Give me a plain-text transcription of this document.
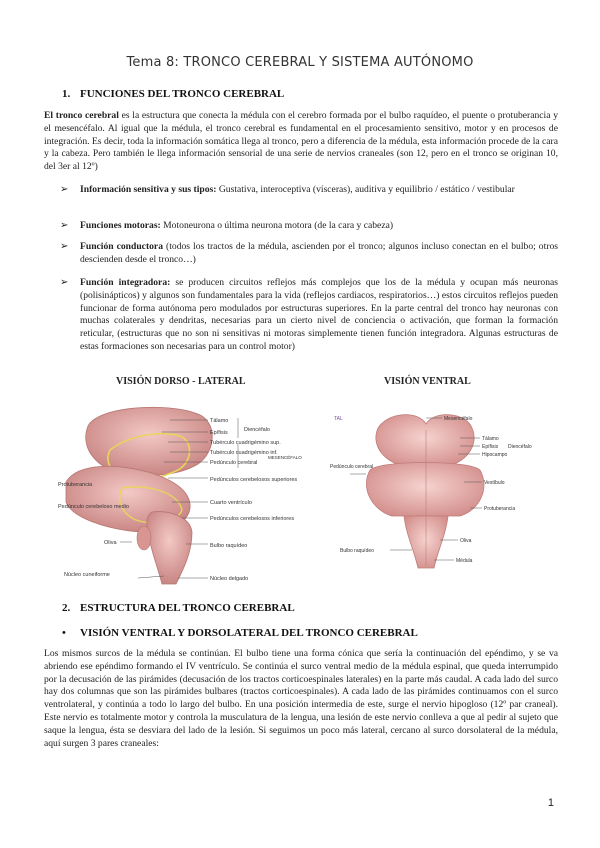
Tema 8: TRONCO CEREBRAL Y SISTEMA AUTÓNOMO
1. FUNCIONES DEL TRONCO CEREBRAL
El tronco cerebral es la estructura que conecta la médula con el cerebro formada por el bulbo raquídeo, el puente o protuberancia y el mesencéfalo. Al igual que la médula, el tronco cerebral es fundamental en el procesamiento sensitivo, motor y en procesos de integración. Es decir, toda la información somática llega al tronco, pero a diferencia de la médula, esta información procede de la cara y la cabeza. Pero también le llega información sensorial de una serie de nervios craneales (son 12, pero en el tronco se originan 10, del 3er al 12º)
➢ Información sensitiva y sus tipos: Gustativa, interoceptiva (vísceras), auditiva y equilibrio / estático / vestibular
➢ Funciones motoras: Motoneurona o última neurona motora (de la cara y cabeza)
➢ Función conductora (todos los tractos de la médula, ascienden por el tronco; algunos incluso conectan en el bulbo; otros descienden desde el tronco…)
➢ Función integradora: se producen circuitos reflejos más complejos que los de la médula y ocupan más neuronas (polisinápticos) y algunos son fundamentales para la vida (reflejos cardiacos, respiratorios…) estos circuitos reflejos pueden funcionar de forma autónoma pero modulados por estructuras superiores. En la parte central del tronco hay neuronas con muchas colaterales y dendritas, necesarias para un cierto nivel de conciencia o activación, que forman la formación reticular, (estructuras que no son ni sensitivas ni motoras simplemente tienen función integradora. Algunas estructuras de estas formaciones son necesarias para un control motor)
VISIÓN DORSO - LATERAL	VISIÓN VENTRAL
Tálamo
Epífisis
Tubérculo cuadrigémino sup.
Tubérculo cuadrigémino inf.
Pedúnculo cerebral
Diencéfalo
MESENCÉFALO
Protuberancia
Pedúnculos cerebelosos superiores
Pedúnculo cerebeloso medio
Cuarto ventrículo
Pedúnculos cerebelosos inferiores
Oliva	Bulbo raquídeo
Núcleo cuneiforme
Núcleo delgado
TAL	Mesencéfalo
Tálamo
Epífisis
Hipocampo
Diencéfalo
Pedúnculo cerebral
Vestíbulo
Protuberancia
Oliva
Bulbo raquídeo
Médula
2. ESTRUCTURA DEL TRONCO CEREBRAL
• VISIÓN VENTRAL Y DORSOLATERAL DEL TRONCO CEREBRAL
Los mismos surcos de la médula se continúan. El bulbo tiene una forma cónica que sería la continuación del epéndimo, y se va abriendo ese epéndimo formando el IV ventrículo. Se continúa el surco ventral medio de la médula espinal, que queda interrumpido por la decusación de las pirámides (decusación de los tractos corticoespinales laterales) en la parte más caudal. A cada lado del surco hay dos columnas que son las pirámides bulbares (tractos corticoespinales). A cada lado de las pirámides continuamos con el surco ventrolateral, y continúa a todo lo largo del bulbo. En una posición intermedia de este, surge el nervio hipogloso (12º par craneal). Este nervio es totalmente motor y controla la musculatura de la lengua, una lesión de este nervio conlleva a que al pedir al sujeto que saque la lengua, ésta se desviara del lado de la lesión. Si seguimos un poco más lateral, cercano al surco dorsolateral de la médula, aquí surgen 3 pares craneales:
1
